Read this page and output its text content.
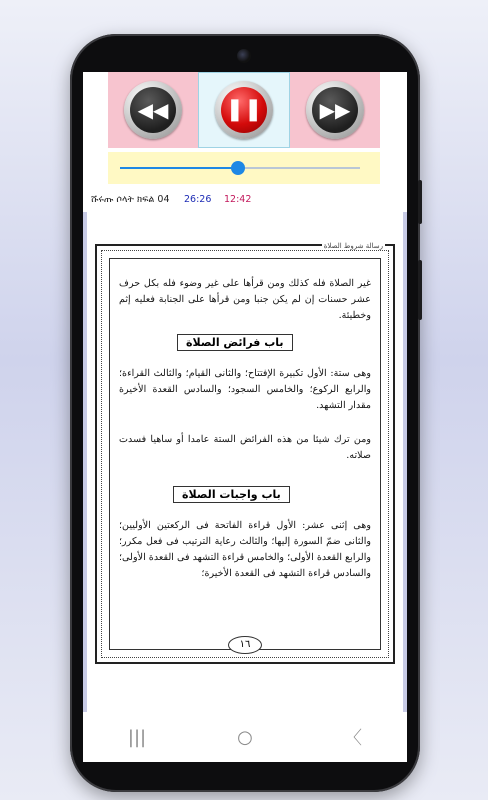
◀◀	❚❚	▶▶
ሹሩጡ ሶላት ክፍል 04 26:26 12:42
رسالة شروط الصلاة
غير الصلاة فله كذلك ومن قرأها على غير وضوء فله بكل حرف عشر حسنات إن لم يكن جنبا ومن قرأها على الجنابة فعليه إثم وخطيئة.
باب فرائض الصلاة
وهى ستة: الأول تكبيرة الإفتتاح؛ والثانى القيام؛ والثالث القراءة؛ والرابع الركوع؛ والخامس السجود؛ والسادس القعدة الأخيرة مقدار التشهد.
ومن ترك شيئا من هذه الفرائض الستة عامدا أو ساهيا فسدت صلاته.
باب واجبات الصلاة
وهى إثنى عشر: الأول قراءة الفاتحة فى الركعتين الأوليين؛ والثانى ضمّ السورة إليها؛ والثالث رعاية الترتيب فى فعل مكرر؛ والرابع القعدة الأولى؛ والخامس قراءة التشهد فى القعدة الأولى؛ والسادس قراءة التشهد فى القعدة الأخيرة؛
١٦
|||	○	〈
